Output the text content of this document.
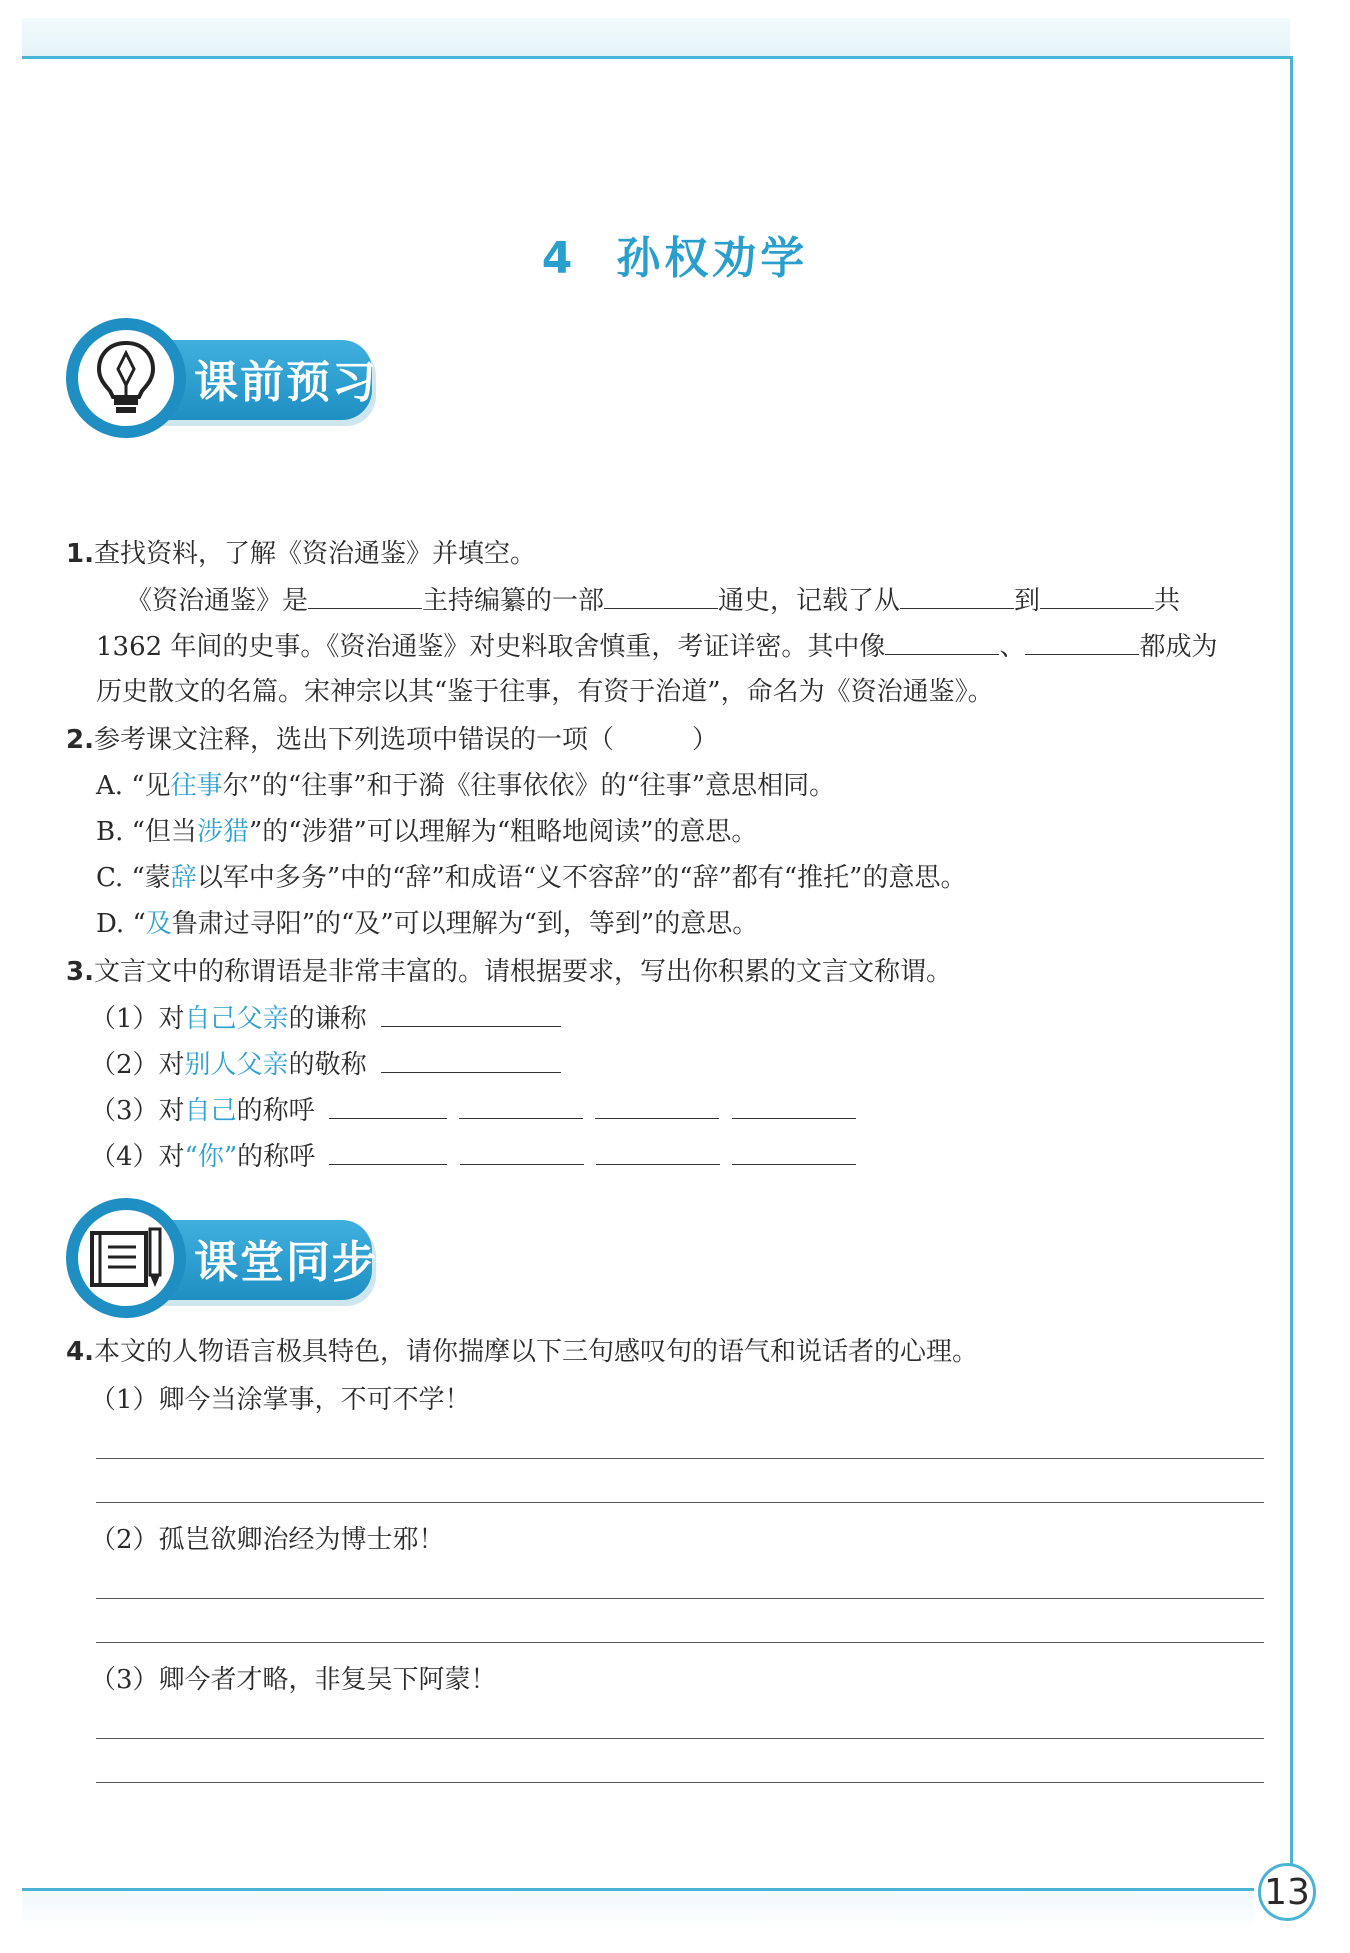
4 孙权劝学
课前预习
1.查找资料，了解《资治通鉴》并填空。
《资治通鉴》是	主持编纂的一部	通史，记载了从	到	共
1362 年间的史事。《资治通鉴》对史料取舍慎重，考证详密。其中像	、	都成为
历史散文的名篇。宋神宗以其“鉴于往事，有资于治道”，命名为《资治通鉴》。
2.参考课文注释，选出下列选项中错误的一项（　　　）
A. “见往事尔”的“往事”和于漪《往事依依》的“往事”意思相同。
B. “但当涉猎”的“涉猎”可以理解为“粗略地阅读”的意思。
C. “蒙辞以军中多务”中的“辞”和成语“义不容辞”的“辞”都有“推托”的意思。
D. “及鲁肃过寻阳”的“及”可以理解为“到，等到”的意思。
3.文言文中的称谓语是非常丰富的。请根据要求，写出你积累的文言文称谓。
（1）对自己父亲的谦称
（2）对别人父亲的敬称
（3）对自己的称呼
（4）对“你”的称呼
课堂同步
4.本文的人物语言极具特色，请你揣摩以下三句感叹句的语气和说话者的心理。
（1）卿今当涂掌事，不可不学！
（2）孤岂欲卿治经为博士邪！
（3）卿今者才略，非复吴下阿蒙！
13
